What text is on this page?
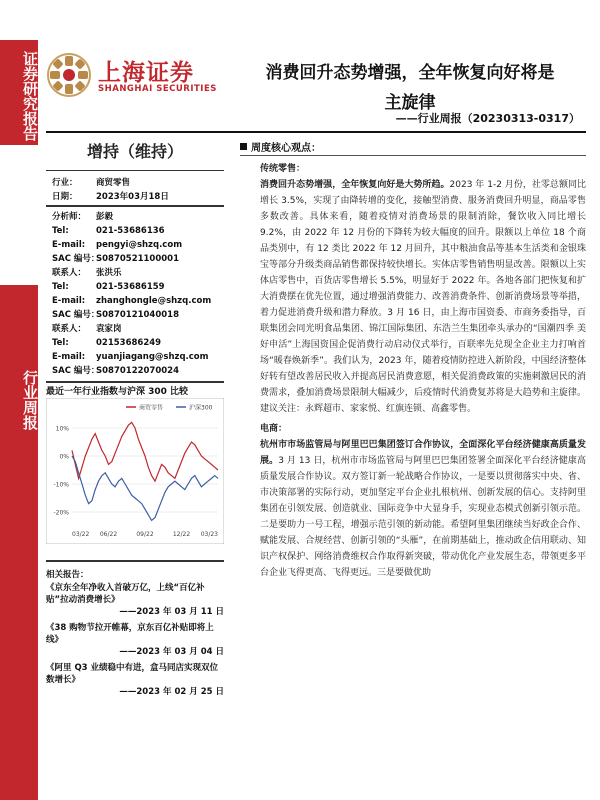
证券研究报告
行业周报
上海证券
SHANGHAI SECURITIES
消费回升态势增强，全年恢复向好将是
主旋律
——行业周报（20230313-0317）
增持（维持）
行业： 商贸零售
日期： 2023年03月18日
分析师： 彭毅
Tel:	021-53686136
E-mail: pengyi@shzq.com
SAC 编号：S0870521100001
联系人： 张洪乐
Tel:	021-53686159
E-mail: zhanghongle@shzq.com
SAC 编号：S0870121040018
联系人： 袁家岗
Tel:	02153686249
E-mail: yuanjiagang@shzq.com
SAC 编号：S0870122070024
最近一年行业指数与沪深 300 比较
10%
0%
-10%
-20%
03/22 06/22	09/22	12/22 03/23
商贸零售	沪深300
相关报告：
《京东全年净收入首破万亿，上线“百亿补贴”拉动消费增长》
——2023 年 03 月 11 日
《38 购物节拉开帷幕，京东百亿补贴即将上线》
——2023 年 03 月 04 日
《阿里 Q3 业绩稳中有进，盒马同店实现双位数增长》
——2023 年 02 月 25 日
周度核心观点：

传统零售：

消费回升态势增强，全年恢复向好是大势所趋。2023 年 1-2 月份，社零总额同比增长 3.5%，实现了由降转增的变化，接触型消费、服务消费回升明显，商品零售多数改善。具体来看，随着疫情对消费场景的限制消除，餐饮收入同比增长 9.2%，由 2022 年 12 月份的下降转为较大幅度的回升。限额以上单位 18 个商品类别中，有 12 类比 2022 年 12 月回升，其中粮油食品等基本生活类和金银珠宝等部分升级类商品销售都保持较快增长。实体店零售销售明显改善。限额以上实体店零售中，百货店零售增长 5.5%，明显好于 2022 年。各地各部门把恢复和扩大消费摆在优先位置，通过增强消费能力、改善消费条件、创新消费场景等举措，着力促进消费升级和潜力释放。3 月 16 日，由上海市国资委、市商务委指导，百联集团会同光明食品集团、锦江国际集团、东浩兰生集团牵头承办的“国潮四季 美好申活”上海国资国企促消费行动启动仪式举行，百联率先兑现全企业主力打响首场“暖春焕新季”。我们认为，2023 年，随着疫情防控进入新阶段，中国经济整体好转有望改善居民收入并提高居民消费意愿，相关促消费政策的实施刺激居民的消费需求，叠加消费场景限制大幅减少，后疫情时代消费复苏将是大趋势和主旋律。建议关注：永辉超市、家家悦、红旗连锁、高鑫零售。

电商：

杭州市市场监管局与阿里巴巴集团签订合作协议，全面深化平台经济健康高质量发展。3 月 13 日，杭州市市场监管局与阿里巴巴集团签署全面深化平台经济健康高质量发展合作协议。双方签订新一轮战略合作协议，一是要以贯彻落实中央、省、市决策部署的实际行动，更加坚定平台企业扎根杭州、创新发展的信心。支持阿里集团在引领发展、创造就业、国际竞争中大显身手，实现业态模式创新引领示范。二是要助力一号工程，增强示范引领的新动能。希望阿里集团继续当好政企合作、赋能发展、合规经营、创新引领的“头雁”，在前期基础上，推动政企信用联动、知识产权保护、网络消费维权合作取得新突破，带动优化产业发展生态，带领更多平台企业飞得更高、飞得更远。三是要做优助
